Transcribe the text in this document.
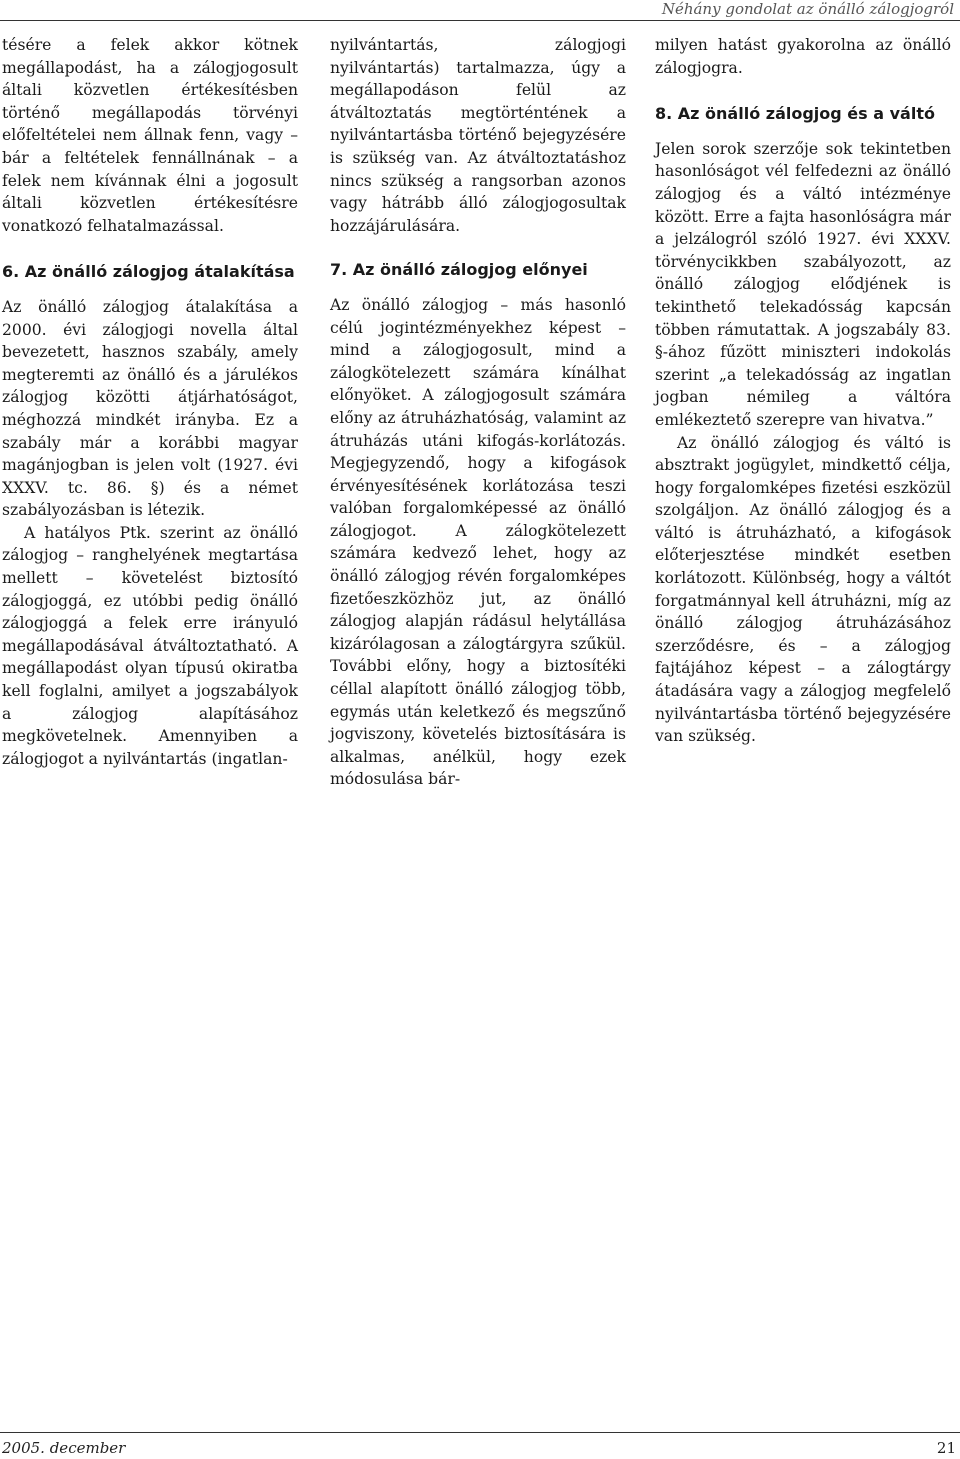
Néhány gondolat az önálló zálogjogról

tésére a felek akkor kötnek megállapodást, ha a zálogjogosult általi közvetlen értékesítésben történő megállapodás törvényi előfeltételei nem állnak fenn, vagy – bár a feltételek fennállnának – a felek nem kívánnak élni a jogosult általi közvetlen értékesítésre vonatkozó felhatalmazással.

6. Az önálló zálogjog átalakítása

Az önálló zálogjog átalakítása a 2000. évi zálogjogi novella által bevezetett, hasznos szabály, amely megteremti az önálló és a járulékos zálogjog közötti átjárhatóságot, méghozzá mindkét irányba. Ez a szabály már a korábbi magyar magánjogban is jelen volt (1927. évi XXXV. tc. 86. §) és a német szabályozásban is létezik.

A hatályos Ptk. szerint az önálló zálogjog – ranghelyének megtartása mellett – követelést biztosító zálogjoggá, ez utóbbi pedig önálló zálogjoggá a felek erre irányuló megállapodásával átváltoztatható. A megállapodást olyan típusú okiratba kell foglalni, amilyet a jogszabályok a zálogjog alapításához megkövetelnek. Amennyiben a zálogjogot a nyilvántartás (ingatlan-

nyilvántartás, zálogjogi nyilvántartás) tartalmazza, úgy a megállapodáson felül az átváltoztatás megtörténtének a nyilvántartásba történő bejegyzésére is szükség van. Az átváltoztatáshoz nincs szükség a rangsorban azonos vagy hátrább álló zálogjogosultak hozzájárulására.

7. Az önálló zálogjog előnyei

Az önálló zálogjog – más hasonló célú jogintézményekhez képest – mind a zálogjogosult, mind a zálogkötelezett számára kínálhat előnyöket. A zálogjogosult számára előny az átruházhatóság, valamint az átruházás utáni kifogás-korlátozás. Megjegyzendő, hogy a kifogások érvényesítésének korlátozása teszi valóban forgalomképessé az önálló zálogjogot. A zálogkötelezett számára kedvező lehet, hogy az önálló zálogjog révén forgalomképes fizetőeszközhöz jut, az önálló zálogjog alapján rádásul helytállása kizárólagosan a zálogtárgyra szűkül. További előny, hogy a biztosítéki céllal alapított önálló zálogjog több, egymás után keletkező és megszűnő jogviszony, követelés biztosítására is alkalmas, anélkül, hogy ezek módosulása bár-

milyen hatást gyakorolna az önálló zálogjogra.

8. Az önálló zálogjog és a váltó

Jelen sorok szerzője sok tekintetben hasonlóságot vél felfedezni az önálló zálogjog és a váltó intézménye között. Erre a fajta hasonlóságra már a jelzálogról szóló 1927. évi XXXV. törvénycikkben szabályozott, az önálló zálogjog elődjének is tekinthető telekadósság kapcsán többen rámutattak. A jogszabály 83. §-ához fűzött miniszteri indokolás szerint „a telekadósság az ingatlan jogban némileg a váltóra emlékeztető szerepre van hivatva.”

Az önálló zálogjog és váltó is absztrakt jogügylet, mindkettő célja, hogy forgalomképes fizetési eszközül szolgáljon. Az önálló zálogjog és a váltó is átruházható, a kifogások előterjesztése mindkét esetben korlátozott. Különbség, hogy a váltót forgatmánnyal kell átruházni, míg az önálló zálogjog átruházásához szerződésre, és – a zálogjog fajtájához képest – a zálogtárgy átadására vagy a zálogjog megfelelő nyilvántartásba történő bejegyzésére van szükség.

2005. december	21
